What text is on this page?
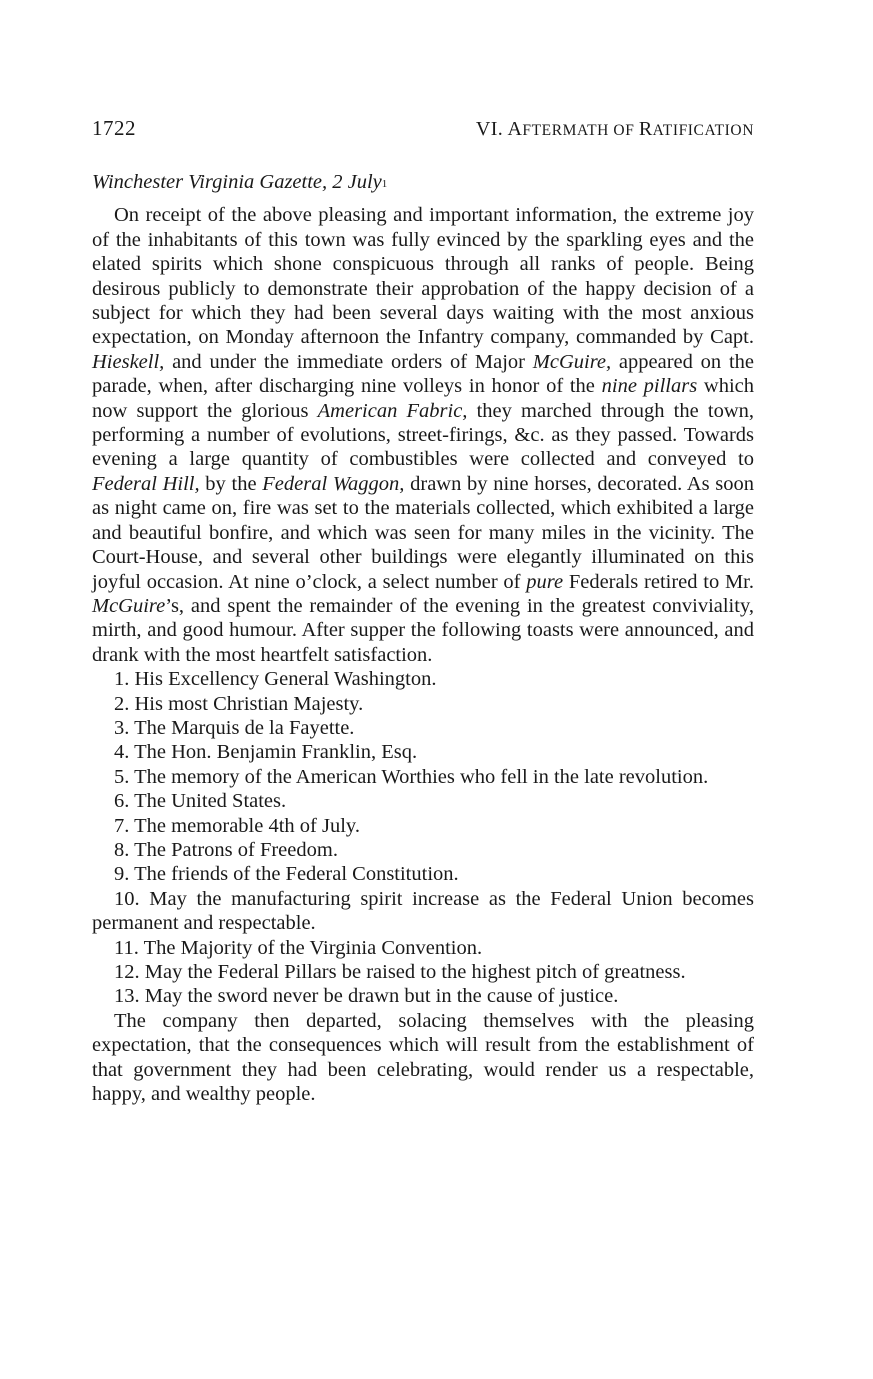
1722	VI. AFTERMATH OF RATIFICATION
Winchester Virginia Gazette, 2 July$^1$

On receipt of the above pleasing and important information, the extreme joy of the inhabitants of this town was fully evinced by the sparkling eyes and the elated spirits which shone conspicuous through all ranks of people. Being desirous publicly to demonstrate their approbation of the happy decision of a subject for which they had been several days waiting with the most anxious expectation, on Monday afternoon the Infantry company, commanded by Capt. Hieskell, and under the immediate orders of Major McGuire, appeared on the parade, when, after discharging nine volleys in honor of the nine pillars which now support the glorious American Fabric, they marched through the town, performing a number of evolutions, street-firings, &c. as they passed. Towards evening a large quantity of combustibles were collected and conveyed to Federal Hill, by the Federal Waggon, drawn by nine horses, decorated. As soon as night came on, fire was set to the materials collected, which exhibited a large and beautiful bonfire, and which was seen for many miles in the vicinity. The Court-House, and several other buildings were elegantly illuminated on this joyful occasion. At nine o’clock, a select number of pure Federals retired to Mr. McGuire’s, and spent the remainder of the evening in the greatest conviviality, mirth, and good humour. After supper the following toasts were announced, and drank with the most heartfelt satisfaction.

1. His Excellency General Washington.

2. His most Christian Majesty.

3. The Marquis de la Fayette.

4. The Hon. Benjamin Franklin, Esq.

5. The memory of the American Worthies who fell in the late revolution.

6. The United States.

7. The memorable 4th of July.

8. The Patrons of Freedom.

9. The friends of the Federal Constitution.

10. May the manufacturing spirit increase as the Federal Union becomes permanent and respectable.

11. The Majority of the Virginia Convention.

12. May the Federal Pillars be raised to the highest pitch of greatness.

13. May the sword never be drawn but in the cause of justice.

The company then departed, solacing themselves with the pleasing expectation, that the consequences which will result from the establishment of that government they had been celebrating, would render us a respectable, happy, and wealthy people.
